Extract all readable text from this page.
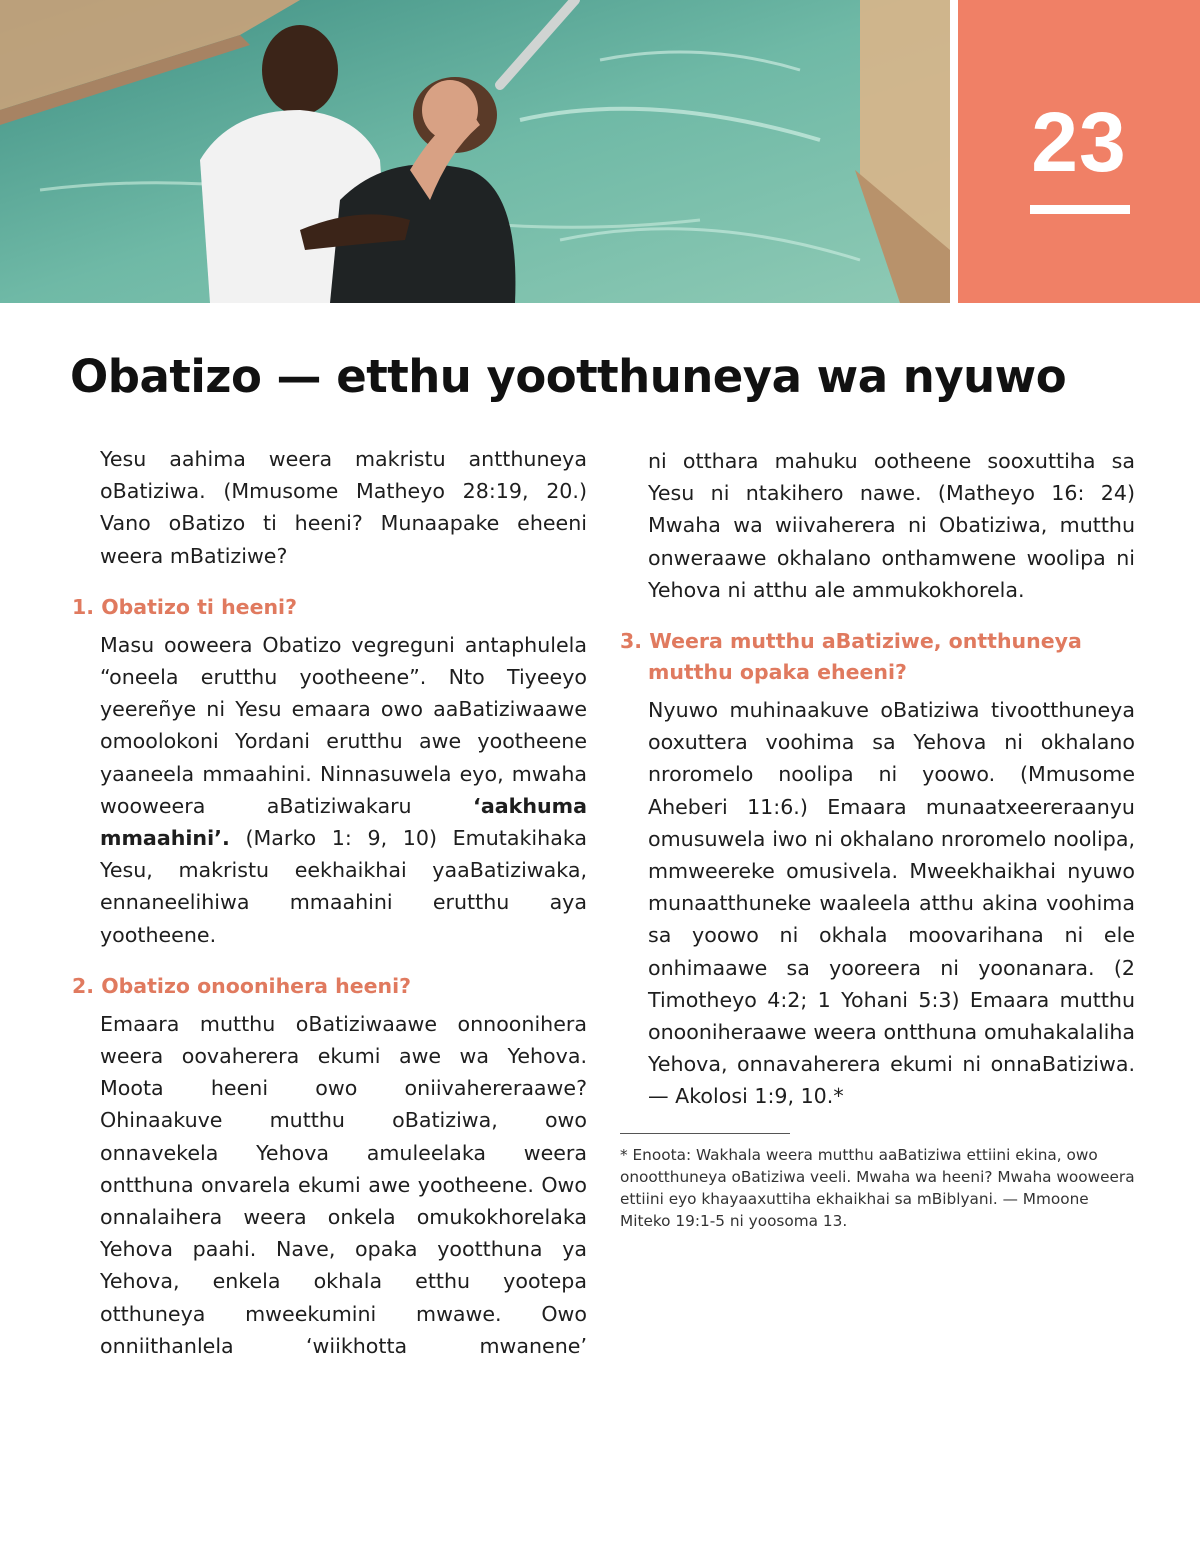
23
Obatizo — etthu yootthuneya wa nyuwo

Yesu aahima weera makristu antthuneya oBatiziwa. (Mmusome Matheyo 28:19, 20.) Vano oBatizo ti heeni? Munaapake eheeni weera mBatiziwe?

1. Obatizo ti heeni?

Masu ooweera Obatizo vegreguni antaphulela “oneela erutthu yootheene”. Nto Tiyeeyo yeereñye ni Yesu emaara owo aaBatiziwaawe omoolokoni Yordani erutthu awe yootheene yaaneela mmaahini. Ninnasuwela eyo, mwaha wooweera aBatiziwakaru	‘aakhuma mmaahini’. (Marko 1: 9, 10) Emutakihaka Yesu, makristu eekhaikhai yaaBatiziwaka, ennaneelihiwa mmaahini erutthu aya yootheene.

2. Obatizo onoonihera heeni?

Emaara mutthu oBatiziwaawe onnoonihera weera oovaherera ekumi awe wa Yehova. Moota heeni owo oniivahereraawe? Ohinaakuve mutthu oBatiziwa, owo onnavekela Yehova amuleelaka weera ontthuna onvarela ekumi awe yootheene. Owo onnalaihera weera onkela omukokhorelaka Yehova paahi. Nave, opaka yootthuna ya Yehova, enkela okhala etthu yootepa otthuneya mweekumini mwawe. Owo onniithanlela ‘wiikhotta mwanene’

ni otthara mahuku ootheene sooxuttiha sa Yesu ni ntakihero nawe. (Matheyo 16: 24) Mwaha wa wiivaherera ni Obatiziwa, mutthu onweraawe okhalano onthamwene woolipa ni Yehova ni atthu ale ammukokhorela.

3. Weera mutthu aBatiziwe, ontthuneya mutthu opaka eheeni?

Nyuwo muhinaakuve oBatiziwa tivootthuneya ooxuttera voohima sa Yehova ni okhalano nroromelo noolipa ni yoowo. (Mmusome Aheberi 11:6.) Emaara munaatxeereraanyu omusuwela iwo ni okhalano nroromelo noolipa, mmweereke omusivela. Mweekhaikhai nyuwo munaatthuneke waaleela atthu akina voohima sa yoowo ni okhala moovarihana ni ele onhimaawe sa yooreera ni yoonanara. (2 Timotheyo 4:2; 1 Yohani 5:3) Emaara mutthu onooniheraawe weera ontthuna omuhakalaliha Yehova, onnavaherera ekumi ni onnaBatiziwa. — Akolosi 1:9, 10.*

* Enoota: Wakhala weera mutthu aaBatiziwa ettiini ekina, owo onootthuneya oBatiziwa veeli. Mwaha wa heeni? Mwaha wooweera ettiini eyo khayaaxuttiha ekhaikhai sa mBiblyani. — Mmoone Miteko 19:1-5 ni yoosoma 13.
